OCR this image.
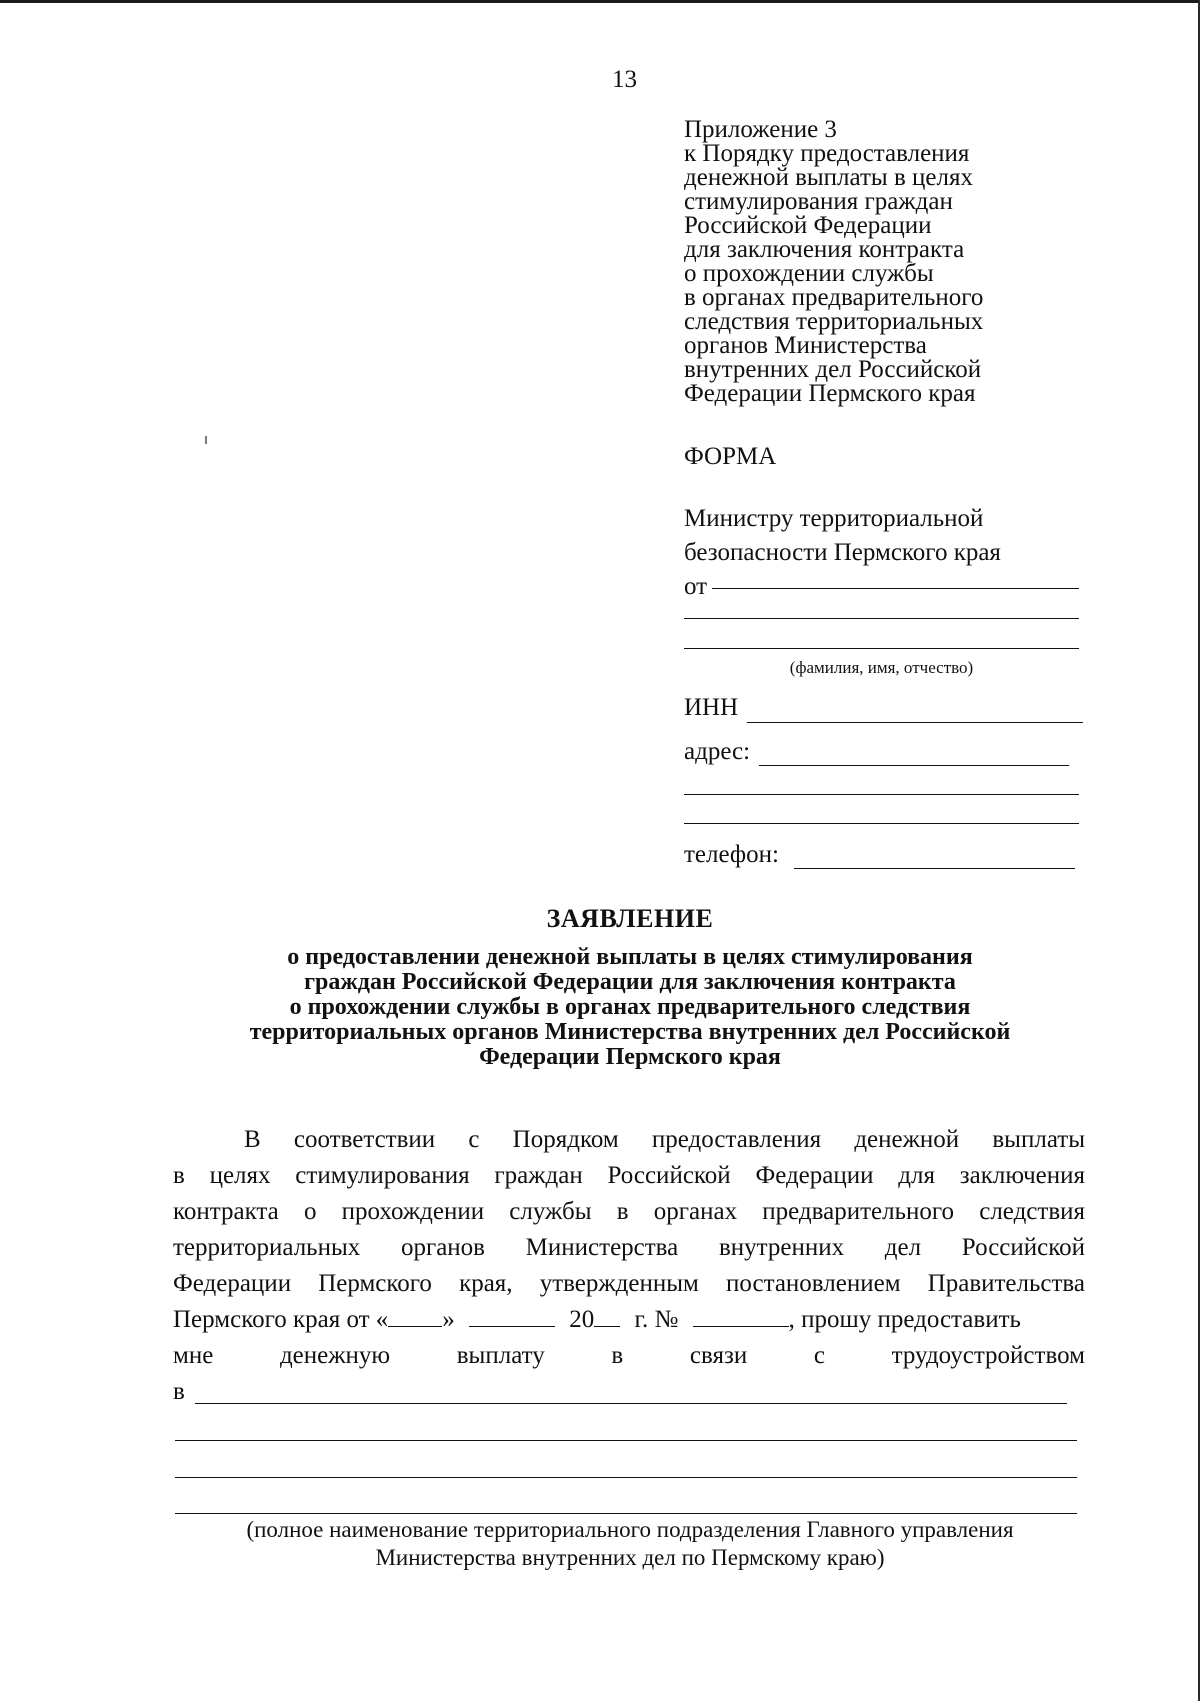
13
Приложение 3
к Порядку предоставления
денежной выплаты в целях
стимулирования граждан
Российской Федерации
для заключения контракта
о прохождении службы
в органах предварительного
следствия территориальных
органов Министерства
внутренних дел Российской
Федерации Пермского края
ФОРМА
Министру территориальной
безопасности Пермского края
от
(фамилия, имя, отчество)
ИНН
адрес:
телефон:
ЗАЯВЛЕНИЕ
о предоставлении денежной выплаты в целях стимулирования
граждан Российской Федерации для заключения контракта
о прохождении службы в органах предварительного следствия
территориальных органов Министерства внутренних дел Российской
Федерации Пермского края
В соответствии с Порядком предоставления денежной выплаты
в целях стимулирования граждан Российской Федерации для заключения
контракта о прохождении службы в органах предварительного следствия
территориальных органов Министерства внутренних дел Российской
Федерации Пермского края, утвержденным постановлением Правительства
Пермского края от « »	20 г. №	, прошу предоставить
мне	денежную	выплату	в	связи	с	трудоустройством
в
(полное наименование территориального подразделения Главного управления
Министерства внутренних дел по Пермскому краю)
